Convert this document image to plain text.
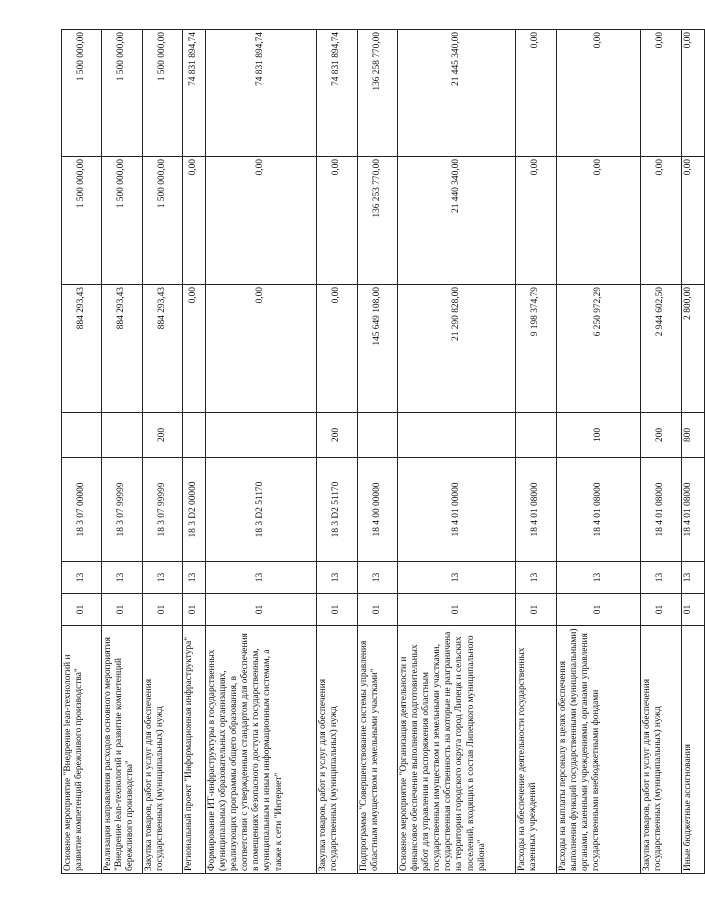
Основное мероприятие "Внедрение lean-технологий и развитие компетенций бережливого производства"	01	13	18 3 07 00000		884 293,43	1 500 000,00	1 500 000,00
Реализация направления расходов основного мероприятия "Внедрение lean-технологий и развитие компетенций бережливого производства"	01	13	18 3 07 99999		884 293,43	1 500 000,00	1 500 000,00
Закупка товаров, работ и услуг для обеспечения государственных (муниципальных) нужд	01	13	18 3 07 99999	200	884 293,43	1 500 000,00	1 500 000,00
Региональный проект "Информационная инфраструктура"	01	13	18 3 D2 00000		0,00	0,00	74 831 894,74
Формирование ИТ-инфраструктуры в государственных (муниципальных) образовательных организациях, реализующих программы общего образования, в соответствии с утвержденным стандартом для обеспечения в помещениях безопасного доступа к государственным, муниципальным и иным информационным системам, а также к сети "Интернет"	01	13	18 3 D2 51170		0,00	0,00	74 831 894,74
Закупка товаров, работ и услуг для обеспечения государственных (муниципальных) нужд	01	13	18 3 D2 51170	200	0,00	0,00	74 831 894,74
Подпрограмма "Совершенствование системы управления областным имуществом и земельными участками"	01	13	18 4 00 00000		145 649 108,00	136 253 770,00	136 258 770,00
Основное мероприятие "Организация деятельности и финансовое обеспечение выполнения подготовительных работ для управления и распоряжения областным государственным имуществом и земельными участками, государственная собственность на которые не разграничена на территории городского округа город Липецк и сельских поселений, входящих в состав Липецкого муниципального района"	01	13	18 4 01 00000		21 290 828,00	21 440 340,00	21 445 340,00
Расходы на обеспечение деятельности государственных казенных учреждений	01	13	18 4 01 08000		9 198 374,79	0,00	0,00
Расходы на выплаты персоналу в целях обеспечения выполнения функций государственными (муниципальными) органами, казенными учреждениями, органами управления государственными внебюджетными фондами	01	13	18 4 01 08000	100	6 250 972,29	0,00	0,00
Закупка товаров, работ и услуг для обеспечения государственных (муниципальных) нужд	01	13	18 4 01 08000	200	2 944 602,50	0,00	0,00
Иные бюджетные ассигнования	01	13	18 4 01 08000	800	2 800,00	0,00	0,00
